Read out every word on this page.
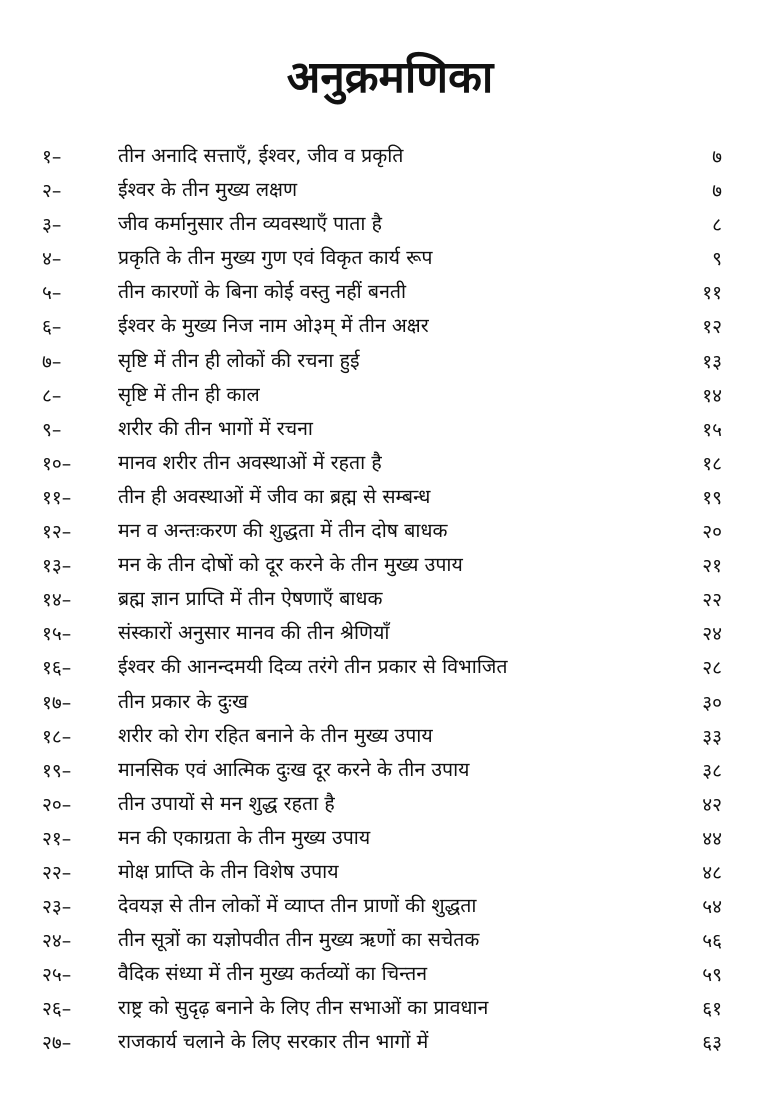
अनुक्रमणिका
१–	तीन अनादि सत्ताएँ, ईश्वर, जीव व प्रकृति	७
२–	ईश्वर के तीन मुख्य लक्षण	७
३–	जीव कर्मानुसार तीन व्यवस्थाएँ पाता है	८
४–	प्रकृति के तीन मुख्य गुण एवं विकृत कार्य रूप	९
५–	तीन कारणों के बिना कोई वस्तु नहीं बनती	११
६–	ईश्वर के मुख्य निज नाम ओ३म् में तीन अक्षर	१२
७–	सृष्टि में तीन ही लोकों की रचना हुई	१३
८–	सृष्टि में तीन ही काल	१४
९–	शरीर की तीन भागों में रचना	१५
१०– मानव शरीर तीन अवस्थाओं में रहता है	१८
११– तीन ही अवस्थाओं में जीव का ब्रह्म से सम्बन्ध	१९
१२– मन व अन्तःकरण की शुद्धता में तीन दोष बाधक	२०
१३– मन के तीन दोषों को दूर करने के तीन मुख्य उपाय	२१
१४– ब्रह्म ज्ञान प्राप्ति में तीन ऐषणाएँ बाधक	२२
१५– संस्कारों अनुसार मानव की तीन श्रेणियाँ	२४
१६– ईश्वर की आनन्दमयी दिव्य तरंगे तीन प्रकार से विभाजित	२८
१७– तीन प्रकार के दुःख	३०
१८– शरीर को रोग रहित बनाने के तीन मुख्य उपाय	३३
१९– मानसिक एवं आत्मिक दुःख दूर करने के तीन उपाय	३८
२०– तीन उपायों से मन शुद्ध रहता है	४२
२१– मन की एकाग्रता के तीन मुख्य उपाय	४४
२२– मोक्ष प्राप्ति के तीन विशेष उपाय	४८
२३– देवयज्ञ से तीन लोकों में व्याप्त तीन प्राणों की शुद्धता	५४
२४– तीन सूत्रों का यज्ञोपवीत तीन मुख्य ऋणों का सचेतक	५६
२५– वैदिक संध्या में तीन मुख्य कर्तव्यों का चिन्तन	५९
२६– राष्ट्र को सुदृढ़ बनाने के लिए तीन सभाओं का प्रावधान	६१
२७– राजकार्य चलाने के लिए सरकार तीन भागों में	६३
